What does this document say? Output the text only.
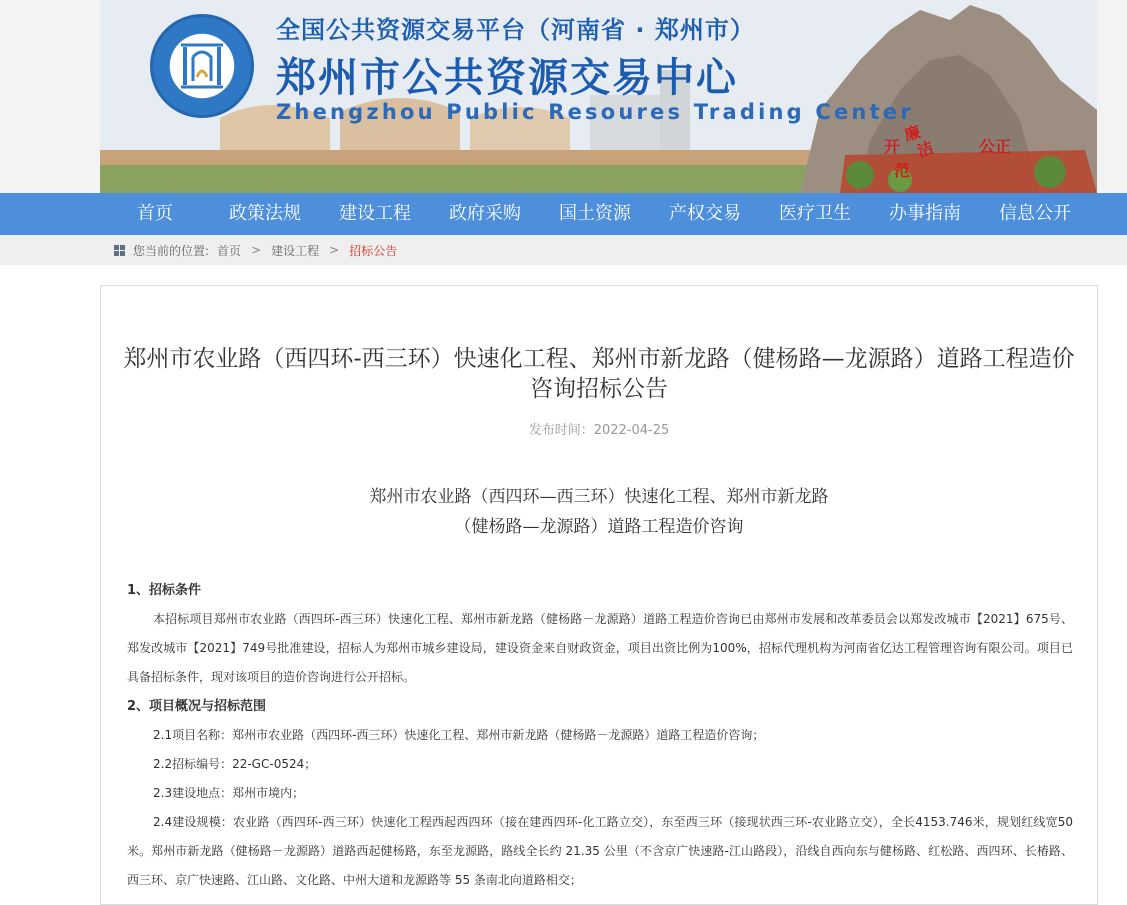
全国公共资源交易平台（河南省 · 郑州市）
郑州市公共资源交易中心
Zhengzhou Public Resoures Trading Center
开
廉
洁
范
公正
首页	政策法规	建设工程	政府采购	国土资源	产权交易	医疗卫生	办事指南	信息公开
您当前的位置: 首页 > 建设工程 > 招标公告
郑州市农业路（西四环-西三环）快速化工程、郑州市新龙路（健杨路—龙源路）道路工程造价咨询招标公告
发布时间：2022-04-25
郑州市农业路（西四环—西三环）快速化工程、郑州市新龙路
（健杨路—龙源路）道路工程造价咨询
1、招标条件
本招标项目郑州市农业路（西四环-西三环）快速化工程、郑州市新龙路（健杨路－龙源路）道路工程造价咨询已由郑州市发展和改革委员会以郑发改城市【2021】675号、郑发改城市【2021】749号批准建设，招标人为郑州市城乡建设局，建设资金来自财政资金，项目出资比例为100%，招标代理机构为河南省亿达工程管理咨询有限公司。项目已具备招标条件，现对该项目的造价咨询进行公开招标。
2、项目概况与招标范围
2.1项目名称：郑州市农业路（西四环-西三环）快速化工程、郑州市新龙路（健杨路－龙源路）道路工程造价咨询；
2.2招标编号：22-GC-0524；
2.3建设地点：郑州市境内；
2.4建设规模：农业路（西四环-西三环）快速化工程西起西四环（接在建西四环-化工路立交），东至西三环（接现状西三环-农业路立交），全长4153.746米，规划红线宽50米。郑州市新龙路（健杨路－龙源路）道路西起健杨路，东至龙源路，路线全长约 21.35 公里（不含京广快速路-江山路段），沿线自西向东与健杨路、红松路、西四环、长椿路、西三环、京广快速路、江山路、文化路、中州大道和龙源路等 55 条南北向道路相交；
